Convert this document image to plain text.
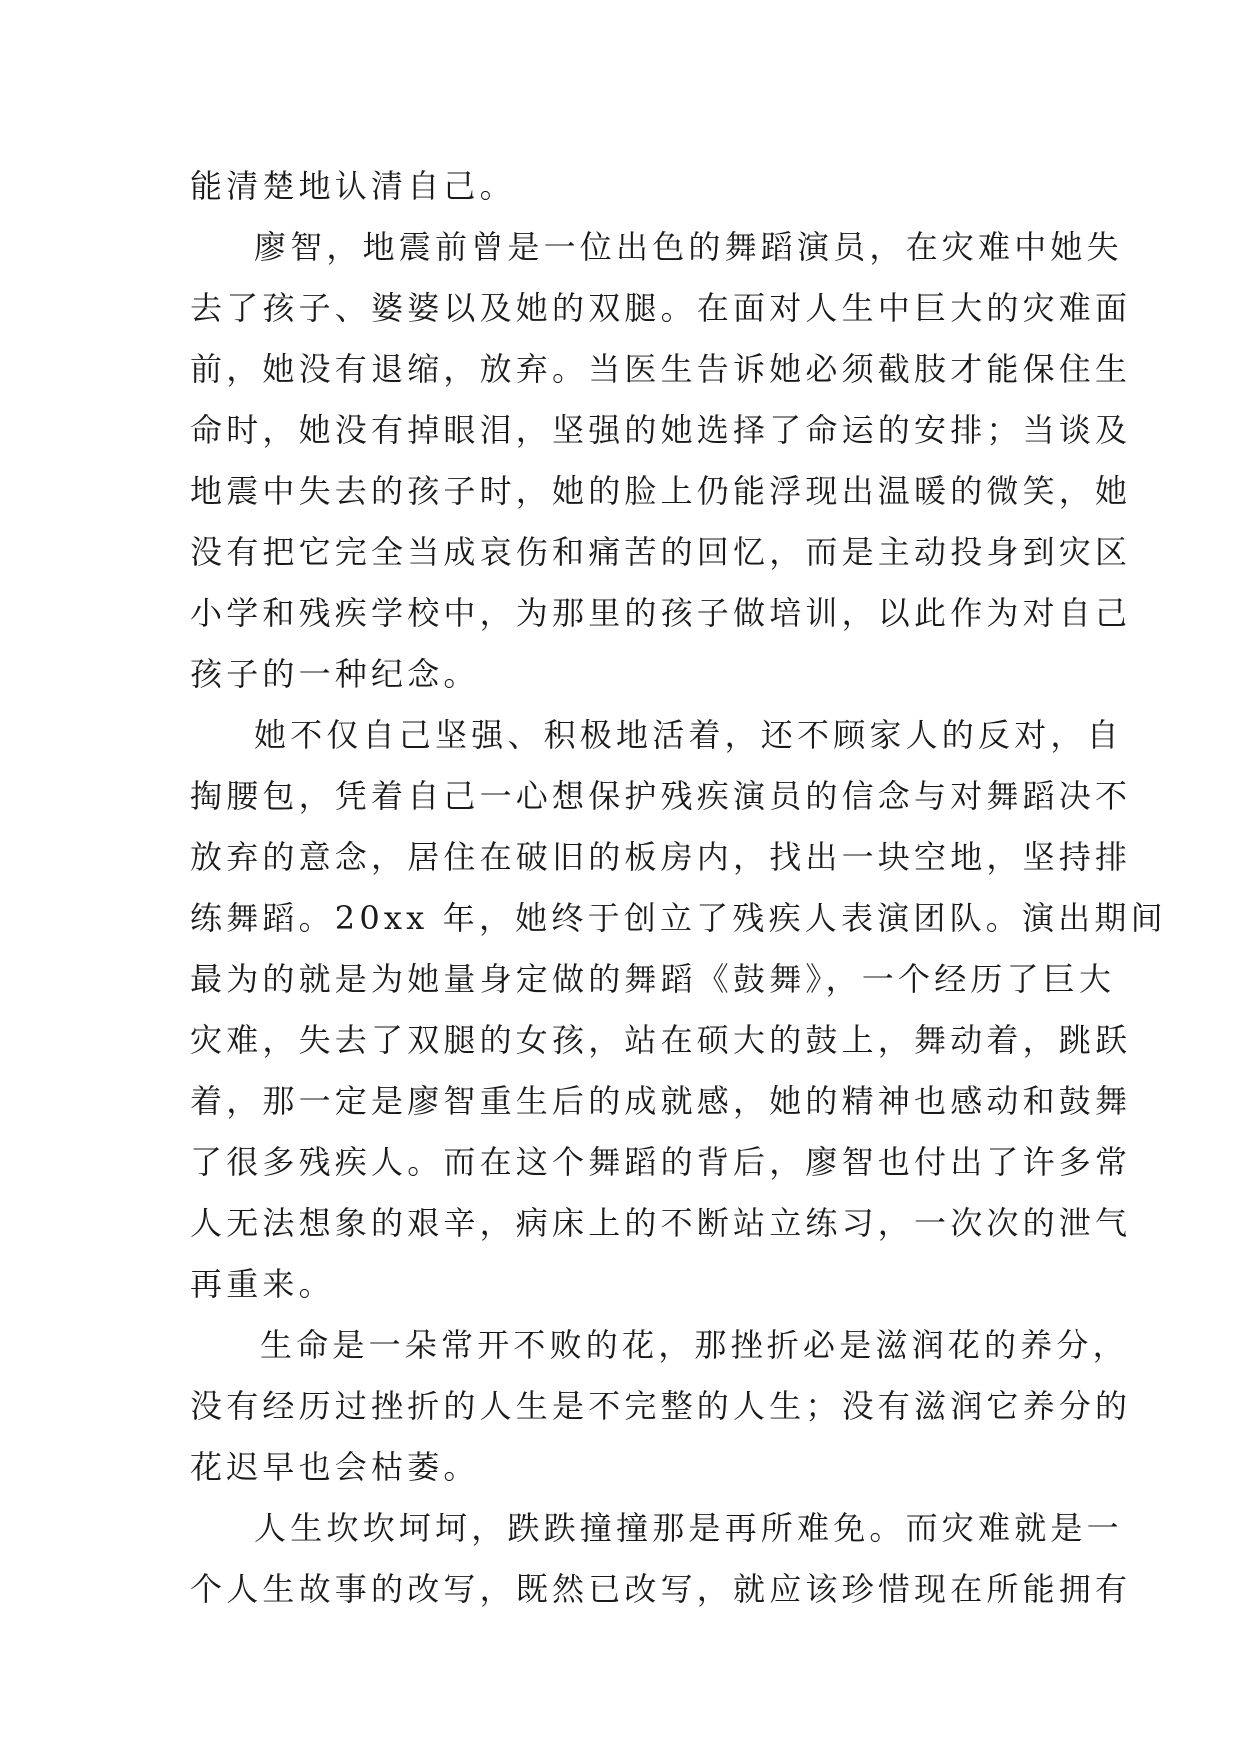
能清楚地认清自己。
廖智，地震前曾是一位出色的舞蹈演员，在灾难中她失
去了孩子、婆婆以及她的双腿。在面对人生中巨大的灾难面
前，她没有退缩，放弃。当医生告诉她必须截肢才能保住生
命时，她没有掉眼泪，坚强的她选择了命运的安排；当谈及
地震中失去的孩子时，她的脸上仍能浮现出温暖的微笑，她
没有把它完全当成哀伤和痛苦的回忆，而是主动投身到灾区
小学和残疾学校中，为那里的孩子做培训，以此作为对自己
孩子的一种纪念。
她不仅自己坚强、积极地活着，还不顾家人的反对，自
掏腰包，凭着自己一心想保护残疾演员的信念与对舞蹈决不
放弃的意念，居住在破旧的板房内，找出一块空地，坚持排
练舞蹈。20xx 年，她终于创立了残疾人表演团队。演出期间
最为的就是为她量身定做的舞蹈《鼓舞》，一个经历了巨大
灾难，失去了双腿的女孩，站在硕大的鼓上，舞动着，跳跃
着，那一定是廖智重生后的成就感，她的精神也感动和鼓舞
了很多残疾人。而在这个舞蹈的背后，廖智也付出了许多常
人无法想象的艰辛，病床上的不断站立练习，一次次的泄气
再重来。
生命是一朵常开不败的花，那挫折必是滋润花的养分，
没有经历过挫折的人生是不完整的人生；没有滋润它养分的
花迟早也会枯萎。
人生坎坎坷坷，跌跌撞撞那是再所难免。而灾难就是一
个人生故事的改写，既然已改写，就应该珍惜现在所能拥有
